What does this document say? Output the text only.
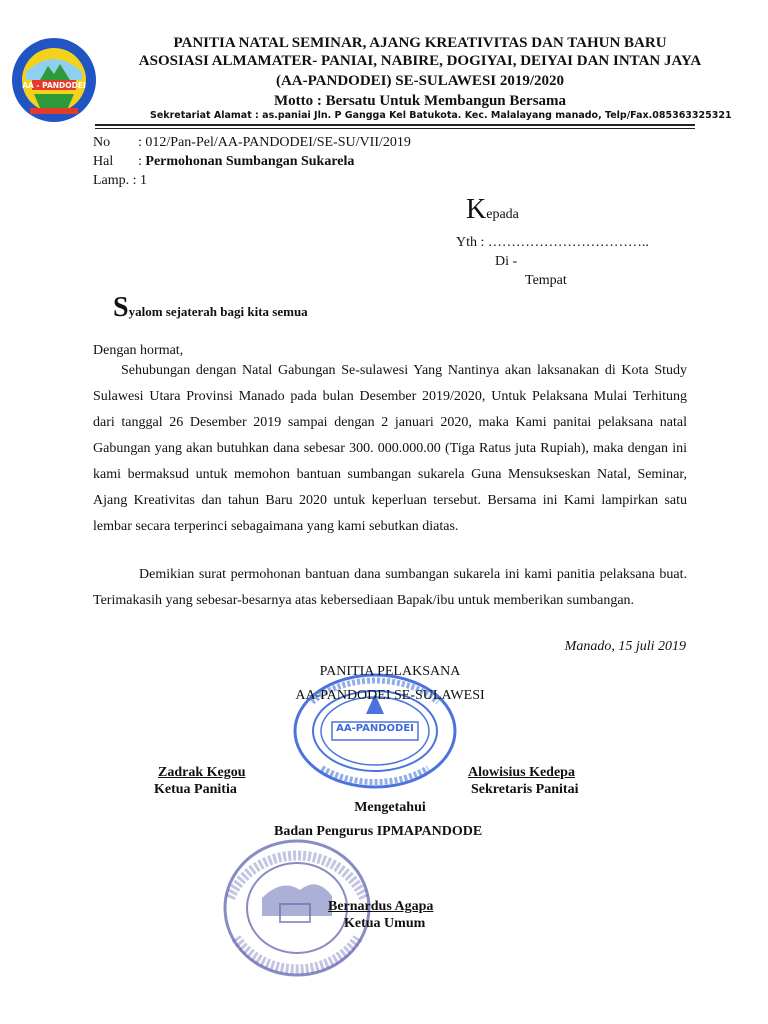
AA - PANDODEI
PANITIA NATAL SEMINAR, AJANG KREATIVITAS DAN TAHUN BARU
ASOSIASI ALMAMATER- PANIAI, NABIRE, DOGIYAI, DEIYAI DAN INTAN JAYA
(AA-PANDODEI) SE-SULAWESI 2019/2020
Motto : Bersatu Untuk Membangun Bersama
Sekretariat Alamat : as.paniai Jln. P Gangga Kel Batukota. Kec. Malalayang manado, Telp/Fax.085363325321
No : 012/Pan-Pel/AA-PANDODEI/SE-SU/VII/2019
Hal : Permohonan Sumbangan Sukarela
Lamp. : 1
Kepada
Yth : ……………………………..
Di -
Tempat
Syalom sejaterah bagi kita semua
Dengan hormat,
Sehubungan dengan Natal Gabungan Se-sulawesi Yang Nantinya akan laksanakan di Kota Study Sulawesi Utara Provinsi Manado pada bulan Desember 2019/2020, Untuk Pelaksana Mulai Terhitung dari tanggal 26 Desember 2019 sampai dengan 2 januari 2020, maka Kami panitai pelaksana natal Gabungan yang akan butuhkan dana sebesar 300. 000.000.00 (Tiga Ratus juta Rupiah), maka dengan ini kami bermaksud untuk memohon bantuan sumbangan sukarela Guna Mensuksesk‍an Natal, Seminar, Ajang Kreativitas dan tahun Baru 2020 untuk keperluan tersebut. Bersama ini Kami lampirkan satu lembar secara terperinci sebagaimana yang kami sebutkan diatas.
Demikian surat permohonan bantuan dana sumbangan sukarela ini kami panitia pelaksana buat. Terimakasih yang sebesar-besarnya atas kebersediaan Bapak/ibu untuk memberikan sumbangan.
Manado, 15 juli 2019
AA-PANDODEI
PANITIA PELAKSANA
AA-PANDODEI SE-SULAWESI
Zadrak Kegou
Ketua Panitia
Alowisius Kedepa
Sekretaris Panitai
Mengetahui
Badan Pengurus IPMAPANDODE
Bernardus Agapa
Ketua Umum
